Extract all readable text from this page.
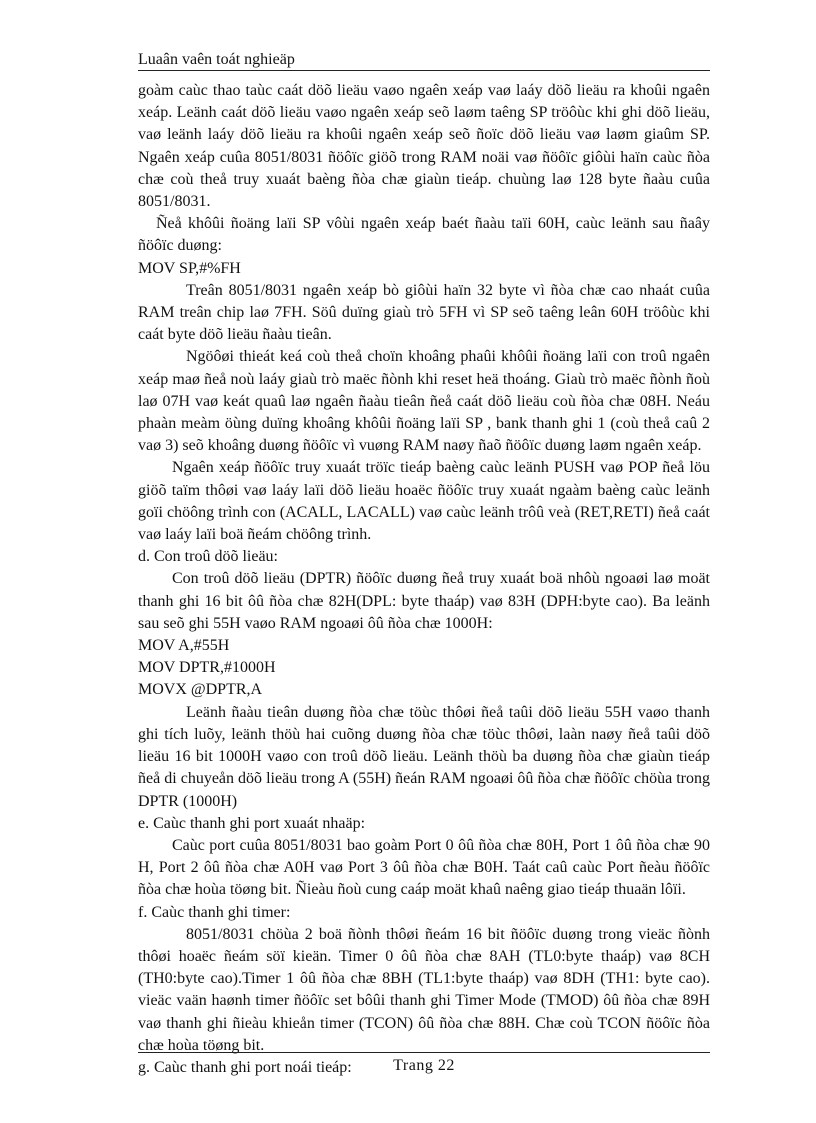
Luaân vaên toát nghieäp

goàm caùc thao taùc caát döõ lieäu vaøo ngaên xeáp vaø laáy döõ lieäu ra khoûi ngaên xeáp. Leänh caát döõ lieäu vaøo ngaên xeáp seõ laøm taêng SP tröôùc khi ghi döõ lieäu, vaø leänh laáy döõ lieäu ra khoûi ngaên xeáp seõ ñoïc döõ lieäu vaø laøm giaûm SP. Ngaên xeáp cuûa 8051/8031 ñöôïc giöõ trong RAM noäi vaø ñöôïc giôùi haïn caùc ñòa chæ coù theå truy xuaát baèng ñòa chæ giaùn tieáp. chuùng laø 128 byte ñaàu cuûa 8051/8031.

Ñeå khôûi ñoäng laïi SP vôùi ngaên xeáp baét ñaàu taïi 60H, caùc leänh sau ñaây ñöôïc duøng:

MOV SP,#%FH

Treân 8051/8031 ngaên xeáp bò giôùi haïn 32 byte vì ñòa chæ cao nhaát cuûa RAM treân chip laø 7FH. Söû duïng giaù trò 5FH vì SP seõ taêng leân 60H tröôùc khi caát byte döõ lieäu ñaàu tieân.

Ngöôøi thieát keá coù theå choïn khoâng phaûi khôûi ñoäng laïi con troû ngaên xeáp maø ñeå noù laáy giaù trò maëc ñònh khi reset heä thoáng. Giaù trò maëc ñònh ñoù laø 07H vaø keát quaû laø ngaên ñaàu tieân ñeå caát döõ lieäu coù ñòa chæ 08H. Neáu phaàn meàm öùng duïng khoâng khôûi ñoäng laïi SP , bank thanh ghi 1 (coù theå caû 2 vaø 3) seõ khoâng duøng ñöôïc vì vuøng RAM naøy ñaõ ñöôïc duøng laøm ngaên xeáp.

Ngaên xeáp ñöôïc truy xuaát tröïc tieáp baèng caùc leänh PUSH vaø POP ñeå löu giöõ taïm thôøi vaø laáy laïi döõ lieäu hoaëc ñöôïc truy xuaát ngaàm baèng caùc leänh goïi chöông trình con (ACALL, LACALL) vaø caùc leänh trôû veà (RET,RETI) ñeå caát vaø laáy laïi boä ñeám chöông trình.

d. Con troû döõ lieäu:

Con troû döõ lieäu (DPTR) ñöôïc duøng ñeå truy xuaát boä nhôù ngoaøi laø moät thanh ghi 16 bit ôû ñòa chæ 82H(DPL: byte thaáp) vaø 83H (DPH:byte cao). Ba leänh sau seõ ghi 55H vaøo RAM ngoaøi ôû ñòa chæ 1000H:

MOV A,#55H

MOV DPTR,#1000H

MOVX @DPTR,A

Leänh ñaàu tieân duøng ñòa chæ töùc thôøi ñeå taûi döõ lieäu 55H vaøo thanh ghi tích luõy, leänh thöù hai cuõng duøng ñòa chæ töùc thôøi, laàn naøy ñeå taûi döõ lieäu 16 bit 1000H vaøo con troû döõ lieäu. Leänh thöù ba duøng ñòa chæ giaùn tieáp ñeå di chuyeån döõ lieäu trong A (55H) ñeán RAM ngoaøi ôû ñòa chæ ñöôïc chöùa trong DPTR (1000H)

e. Caùc thanh ghi port xuaát nhaäp:

Caùc port cuûa 8051/8031 bao goàm Port 0 ôû ñòa chæ 80H, Port 1 ôû ñòa chæ 90 H, Port 2 ôû ñòa chæ A0H vaø Port 3 ôû ñòa chæ B0H. Taát caû caùc Port ñeàu ñöôïc ñòa chæ hoùa töøng bit. Ñieàu ñoù cung caáp moät khaû naêng giao tieáp thuaän lôïi.

f. Caùc thanh ghi timer:

8051/8031 chöùa 2 boä ñònh thôøi ñeám 16 bit ñöôïc duøng trong vieäc ñònh thôøi hoaëc ñeám söï kieän. Timer 0 ôû ñòa chæ 8AH (TL0:byte thaáp) vaø 8CH (TH0:byte cao).Timer 1 ôû ñòa chæ 8BH (TL1:byte thaáp) vaø 8DH (TH1: byte cao). vieäc vaän haønh timer ñöôïc set bôûi thanh ghi Timer Mode (TMOD) ôû ñòa chæ 89H vaø thanh ghi ñieàu khieån timer (TCON) ôû ñòa chæ 88H. Chæ coù TCON ñöôïc ñòa chæ hoùa töøng bit.

g. Caùc thanh ghi port noái tieáp:	Trang 22
